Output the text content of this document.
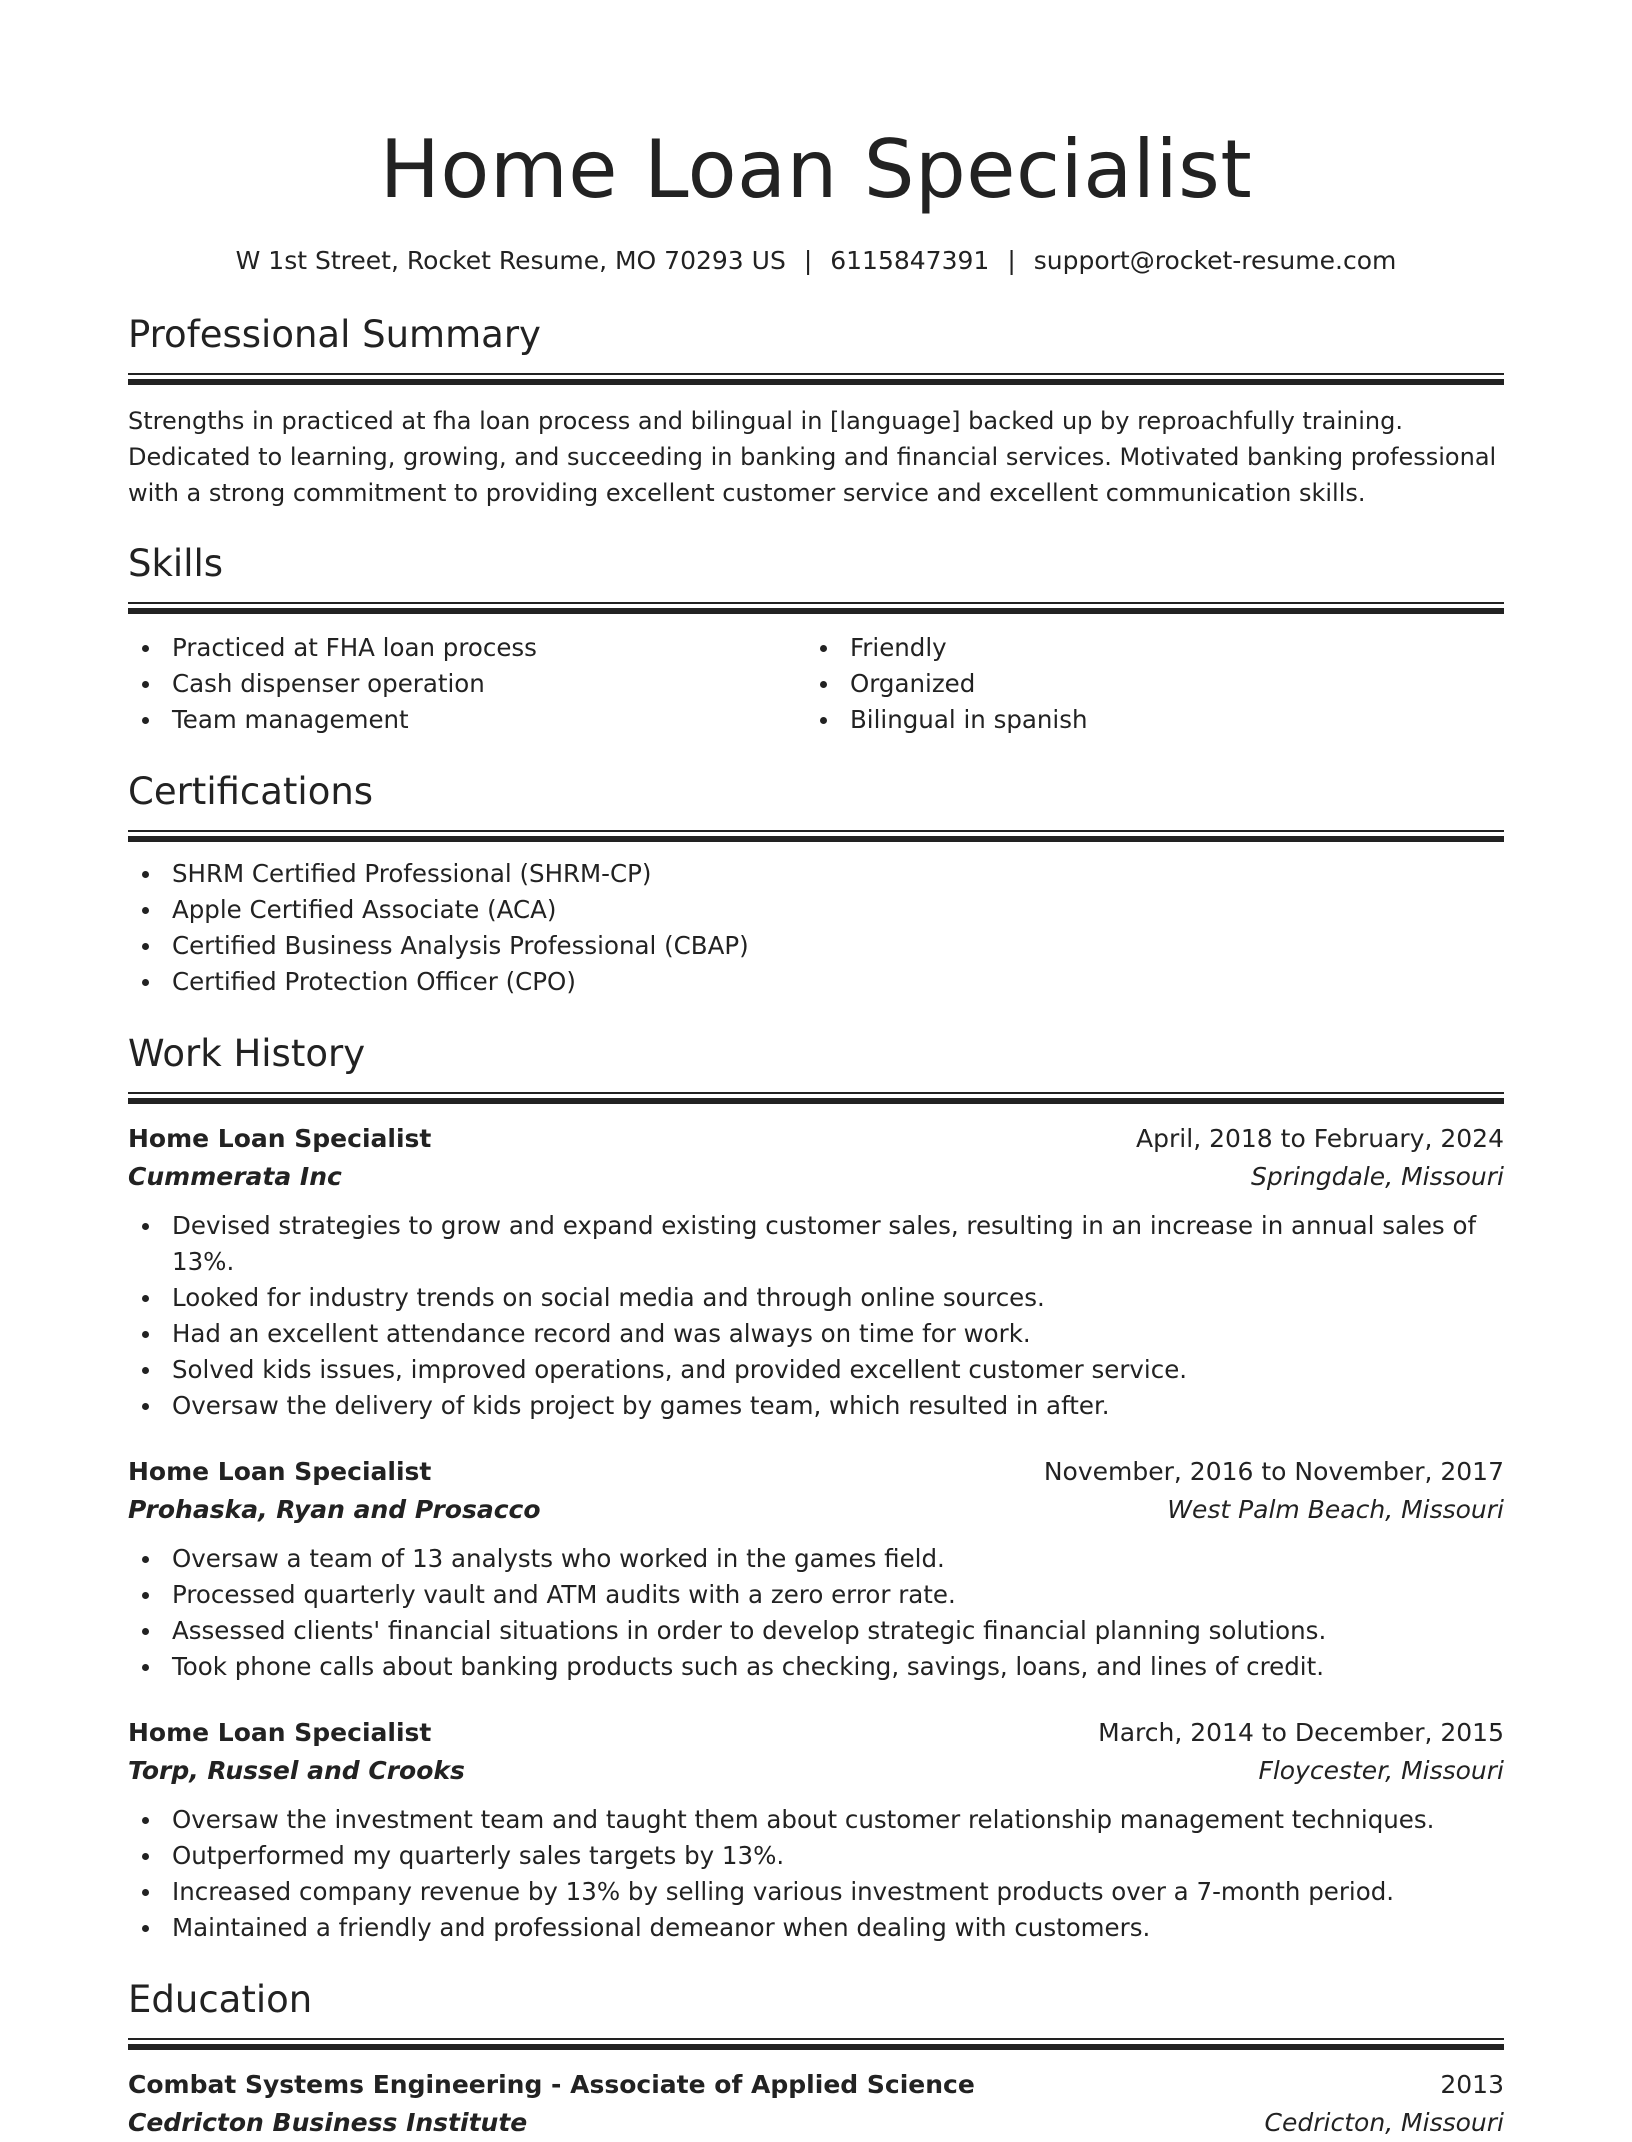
Home Loan Specialist
W 1st Street, Rocket Resume, MO 70293 US | 6115847391 | support@rocket-resume.com
Professional Summary
Strengths in practiced at fha loan process and bilingual in [language] backed up by reproachfully training. Dedicated to learning, growing, and succeeding in banking and financial services. Motivated banking professional with a strong commitment to providing excellent customer service and excellent communication skills.
Skills
Practiced at FHA loan process
Cash dispenser operation
Team management
Friendly
Organized
Bilingual in spanish
Certifications
SHRM Certified Professional (SHRM-CP)
Apple Certified Associate (ACA)
Certified Business Analysis Professional (CBAP)
Certified Protection Officer (CPO)
Work History
Home Loan Specialist	April, 2018 to February, 2024
Cummerata Inc	Springdale, Missouri
Devised strategies to grow and expand existing customer sales, resulting in an increase in annual sales of 13%.
Looked for industry trends on social media and through online sources.
Had an excellent attendance record and was always on time for work.
Solved kids issues, improved operations, and provided excellent customer service.
Oversaw the delivery of kids project by games team, which resulted in after.
Home Loan Specialist	November, 2016 to November, 2017
Prohaska, Ryan and Prosacco	West Palm Beach, Missouri
Oversaw a team of 13 analysts who worked in the games field.
Processed quarterly vault and ATM audits with a zero error rate.
Assessed clients' financial situations in order to develop strategic financial planning solutions.
Took phone calls about banking products such as checking, savings, loans, and lines of credit.
Home Loan Specialist	March, 2014 to December, 2015
Torp, Russel and Crooks	Floycester, Missouri
Oversaw the investment team and taught them about customer relationship management techniques.
Outperformed my quarterly sales targets by 13%.
Increased company revenue by 13% by selling various investment products over a 7-month period.
Maintained a friendly and professional demeanor when dealing with customers.
Education
Combat Systems Engineering - Associate of Applied Science	2013
Cedricton Business Institute	Cedricton, Missouri
